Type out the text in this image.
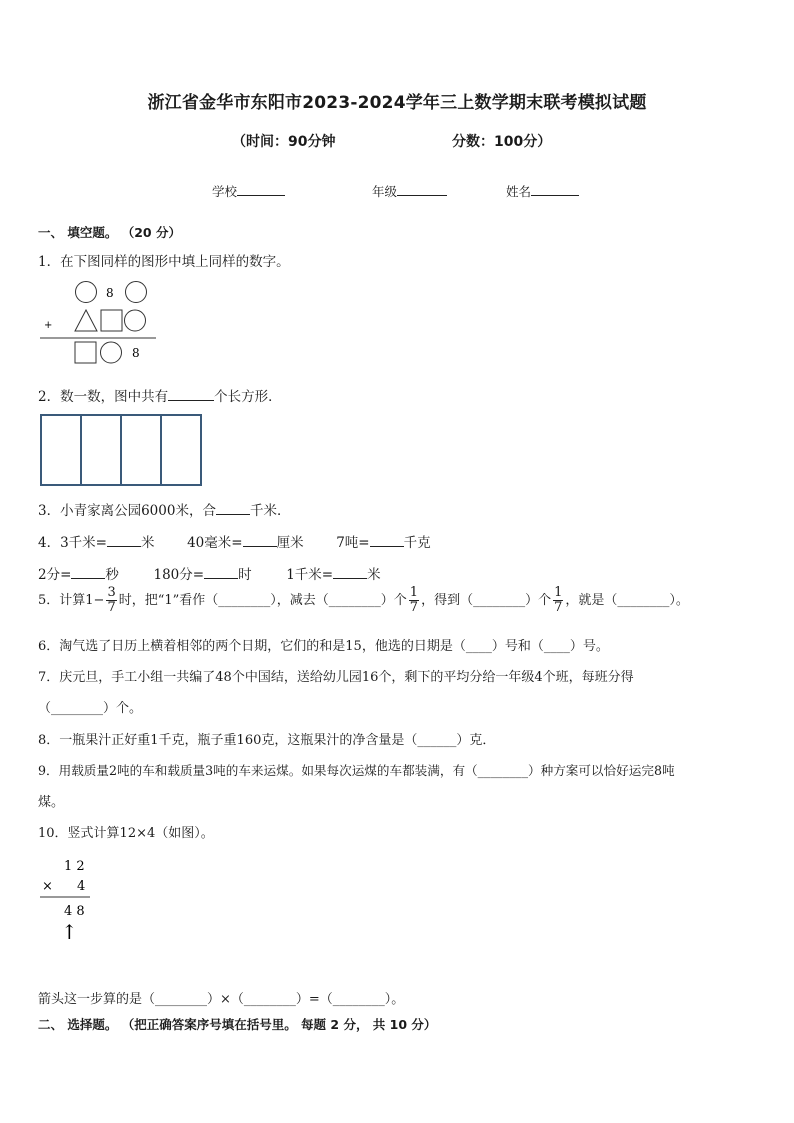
浙江省金华市东阳市2023-2024学年三上数学期末联考模拟试题
（时间：90分钟	分数：100分）
学校	年级	姓名
一、 填空题。 （20 分）
1．在下图同样的图形中填上同样的数字。
8
+
8
2．数一数，图中共有	个长方形．
3．小青家离公园6000米，合	千米．
4．3千米=	米 40毫米=	厘米 7吨=	千克
2分=	秒	180分=	时	1千米=	米
5．计算$1- \frac{3}{7}$ 时，把“1”看作（________），减去（________）个 $\frac{1}{7}$ ，得到（________）个 $\frac{1}{7}$ ，就是（________）。
6．淘气选了日历上横着相邻的两个日期，它们的和是15，他选的日期是（____）号和（____）号。
7．庆元旦，手工小组一共编了48个中国结，送给幼儿园16个，剩下的平均分给一年级4个班，每班分得
（________）个。
8．一瓶果汁正好重1千克，瓶子重160克，这瓶果汁的净含量是（______）克．
9．用载质量2吨的车和载质量3吨的车来运煤。如果每次运煤的车都装满，有（________）种方案可以恰好运完8吨
煤。
10．竖式计算12×4（如图）。
1 2
× 4
4 8
↑
箭头这一步算的是（________）×（________）=（________）。
二、 选择题。 （把正确答案序号填在括号里。 每题 2 分， 共 10 分）
